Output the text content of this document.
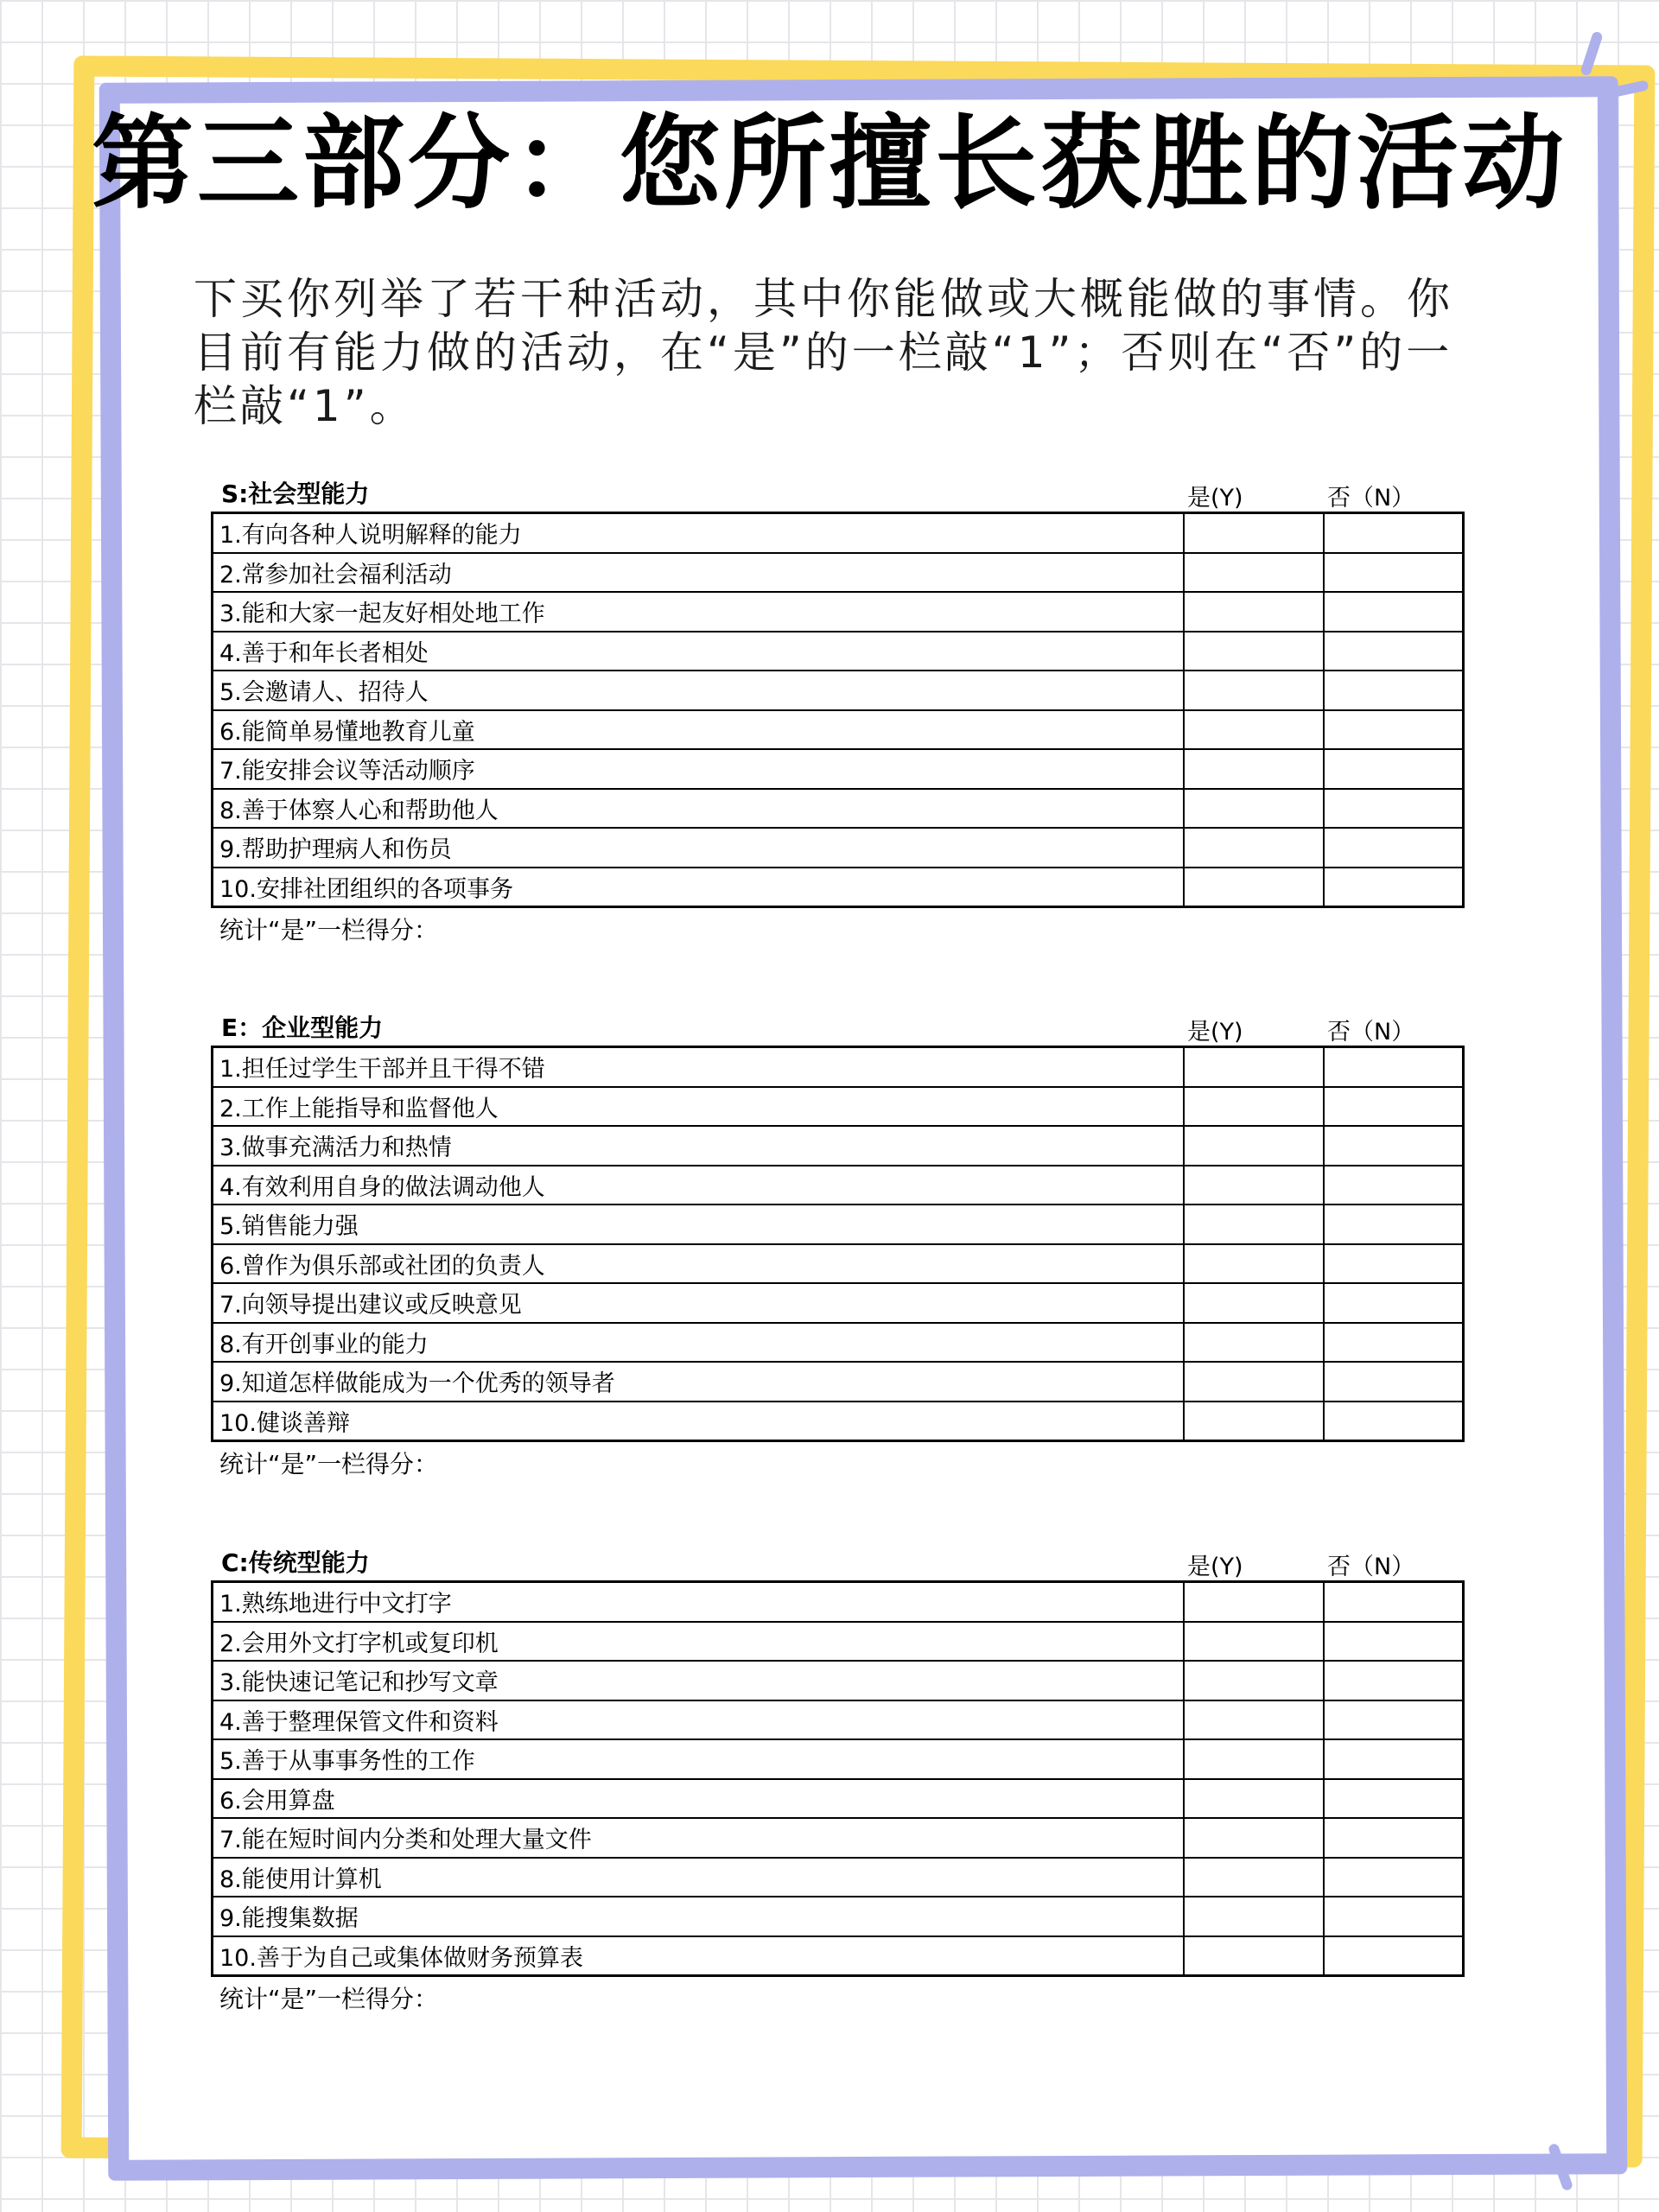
第三部分：您所擅长获胜的活动
下买你列举了若干种活动，其中你能做或大概能做的事情。你目前有能力做的活动，在“是”的一栏敲“1”；否则在“否”的一栏敲“1”。
S:社会型能力	是(Y)	否（N）
1.有向各种人说明解释的能力		
2.常参加社会福利活动		
3.能和大家一起友好相处地工作		
4.善于和年长者相处		
5.会邀请人、招待人		
6.能简单易懂地教育儿童		
7.能安排会议等活动顺序		
8.善于体察人心和帮助他人		
9.帮助护理病人和伤员		
10.安排社团组织的各项事务		
统计“是”一栏得分：
E：企业型能力	是(Y)	否（N）
1.担任过学生干部并且干得不错		
2.工作上能指导和监督他人		
3.做事充满活力和热情		
4.有效利用自身的做法调动他人		
5.销售能力强		
6.曾作为俱乐部或社团的负责人		
7.向领导提出建议或反映意见		
8.有开创事业的能力		
9.知道怎样做能成为一个优秀的领导者		
10.健谈善辩		
统计“是”一栏得分：
C:传统型能力	是(Y)	否（N）
1.熟练地进行中文打字		
2.会用外文打字机或复印机		
3.能快速记笔记和抄写文章		
4.善于整理保管文件和资料		
5.善于从事事务性的工作		
6.会用算盘		
7.能在短时间内分类和处理大量文件		
8.能使用计算机		
9.能搜集数据		
10.善于为自己或集体做财务预算表		
统计“是”一栏得分：
